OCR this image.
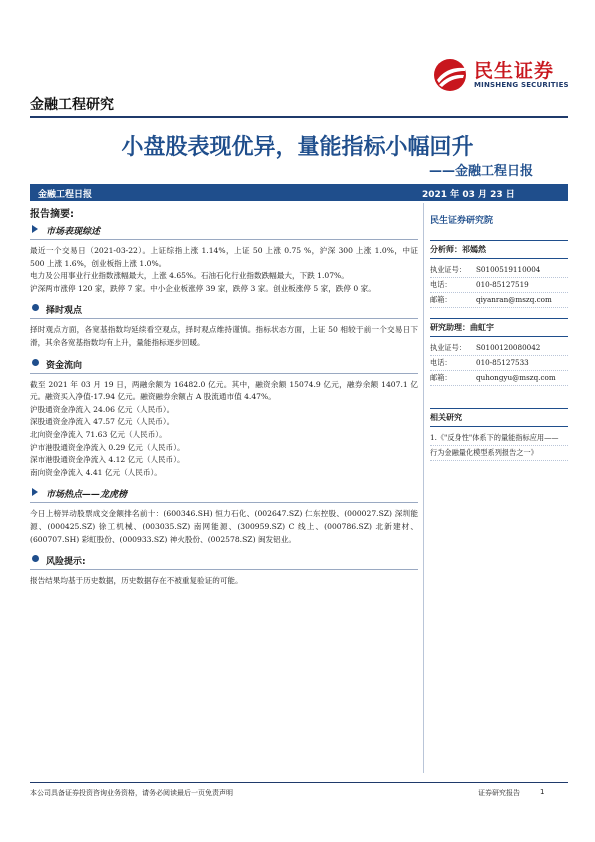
民生证券
MINSHENG SECURITIES
金融工程研究
小盘股表现优异，量能指标小幅回升
——金融工程日报
金融工程日报	2021 年 03 月 23 日
报告摘要:
市场表现综述

最近一个交易日（2021-03-22）。上证综指上涨 1.14%，上证 50 上涨 0.75 %，沪深 300 上涨 1.0%，中证 500 上涨 1.6%，创业板指上涨 1.0%。

电力及公用事业行业指数涨幅最大，上涨 4.65%。石油石化行业指数跌幅最大，下跌 1.07%。

沪深两市涨停 120 家，跌停 7 家。中小企业板涨停 39 家，跌停 3 家。创业板涨停 5 家，跌停 0 家。

择时观点

择时观点方面，各宽基指数均延续看空观点，择时观点维持谨慎。指标状态方面，上证 50 相较于前一个交易日下滑，其余各宽基指数均有上升，量能指标逐步回暖。

资金流向

截至 2021 年 03 月 19 日，两融余额为 16482.0 亿元。其中，融资余额 15074.9 亿元，融券余额 1407.1 亿元。融资买入净值-17.94 亿元。融资融券余额占 A 股流通市值 4.47%。

沪股通资金净流入 24.06 亿元（人民币）。

深股通资金净流入 47.57 亿元（人民币）。

北向资金净流入 71.63 亿元（人民币）。

沪市港股通资金净流入 0.29 亿元（人民币）。

深市港股通资金净流入 4.12 亿元（人民币）。

南向资金净流入 4.41 亿元（人民币）。

市场热点——龙虎榜

今日上榜异动股票成交金额排名前十：(600346.SH) 恒力石化、(002647.SZ) 仁东控股、(000027.SZ) 深圳能源、(000425.SZ) 徐工机械、(003035.SZ) 南网能源、(300959.SZ) C 线上、(000786.SZ) 北新建材、(600707.SH) 彩虹股份、(000933.SZ) 神火股份、(002578.SZ) 闽发铝业。

风险提示:

报告结果均基于历史数据，历史数据存在不被重复验证的可能。

民生证券研究院
分析师：祁嫣然
执业证号：	S0100519110004
电话：	010-85127519
邮箱：	qiyanran@mszq.com
研究助理：曲虹宇
执业证号：	S0100120080042
电话：	010-85127533
邮箱：	quhongyu@mszq.com
相关研究
1.《"反身性"体系下的量能指标应用——
行为金融量化模型系列报告之一》
本公司具备证券投资咨询业务资格，请务必阅读最后一页免责声明	证券研究报告	1
